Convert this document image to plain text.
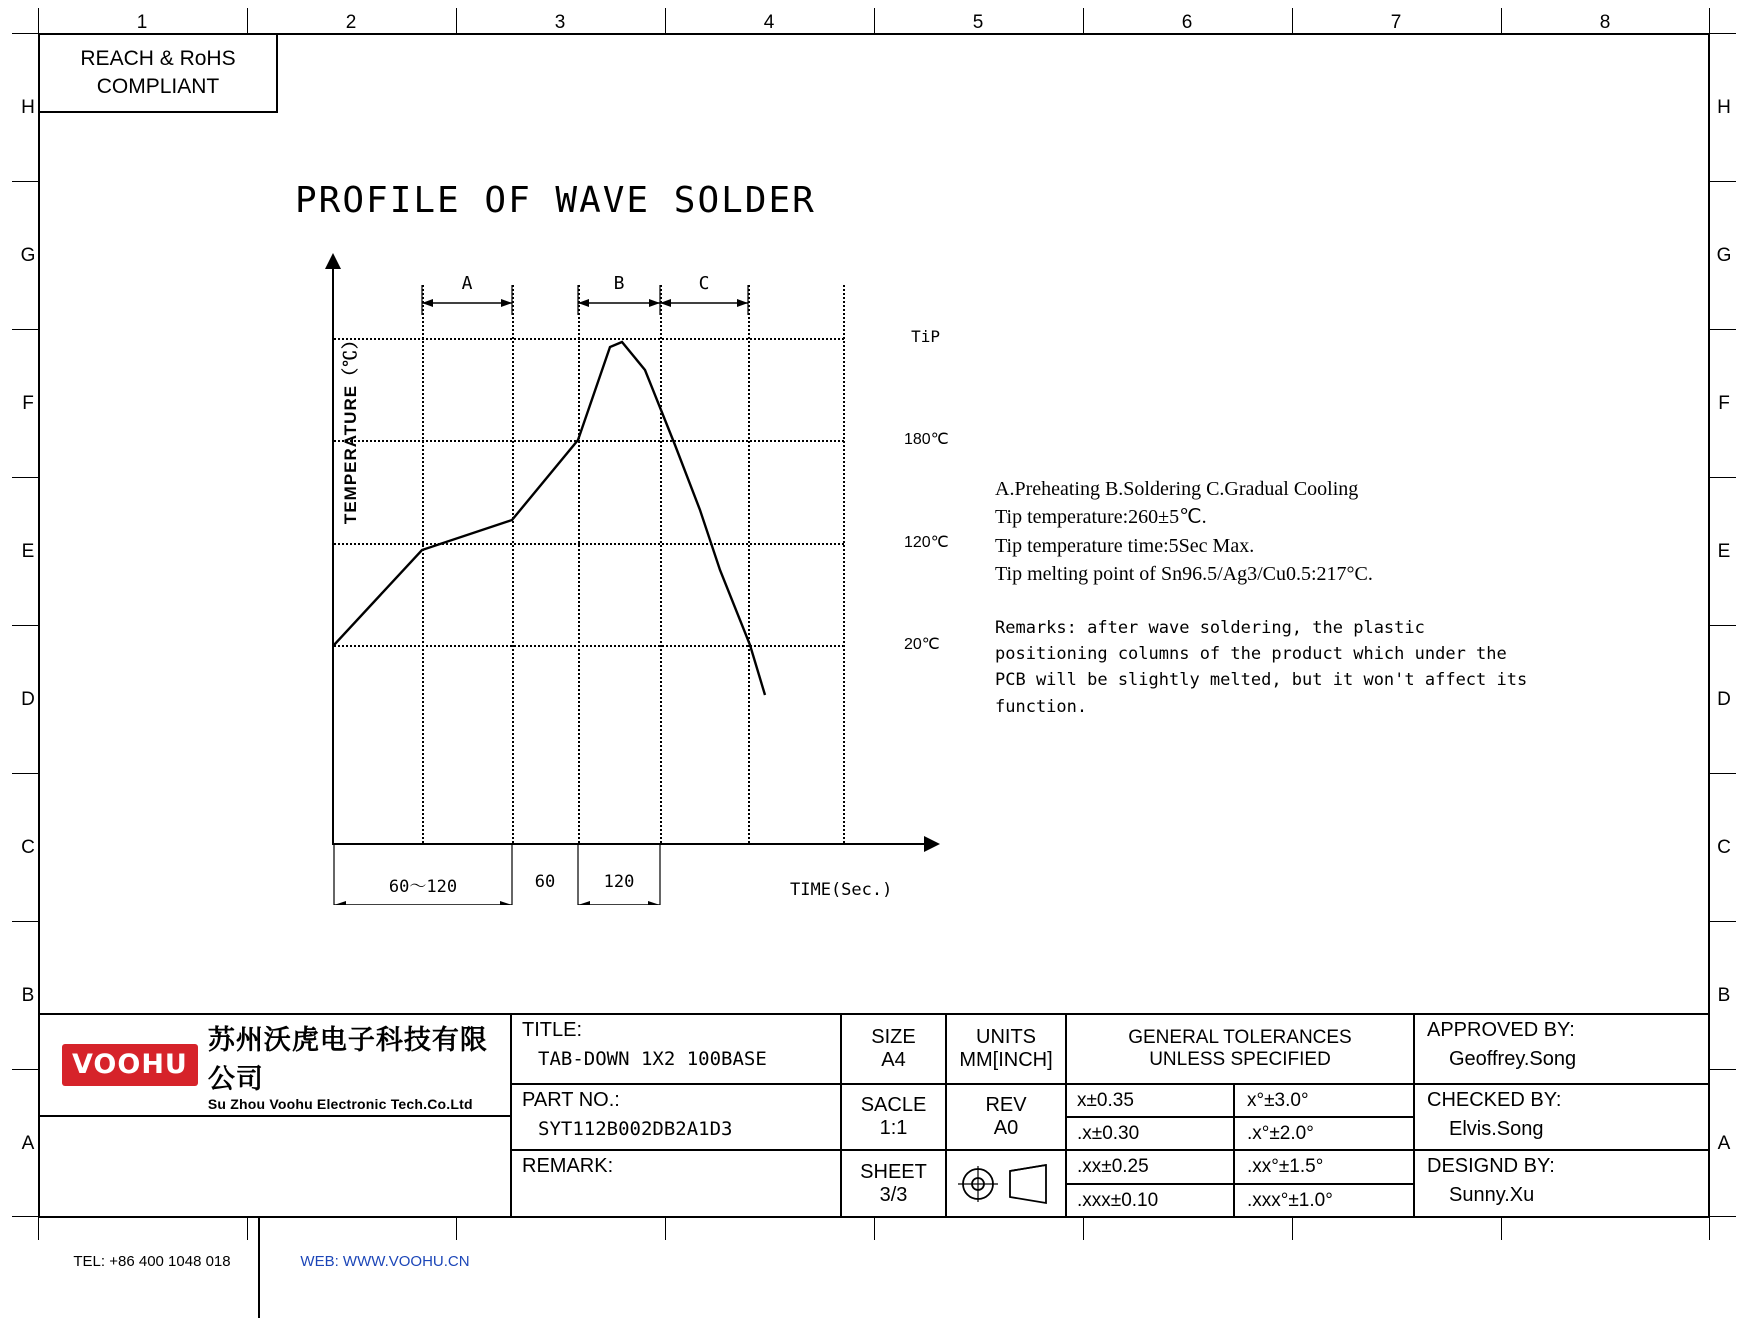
1	2	3	4	5	6	7	8
H
G
F
E
D
C
B
A
H
G
F
E
D
C
B
A
REACH & RoHS
COMPLIANT
PROFILE OF WAVE SOLDER
TEMPERATURE（℃）	TiP
180℃
120℃
20℃
A	B	C
60～120	60	120	TIME(Sec.)
A.Preheating B.Soldering C.Gradual Cooling
Tip temperature:260±5℃.
Tip temperature time:5Sec Max.
Tip melting point of Sn96.5/Ag3/Cu0.5:217°C.
Remarks: after wave soldering, the plastic
positioning columns of the product which under the
PCB will be slightly melted, but it won't affect its
function.
VOOHU
苏州沃虎电子科技有限公司
Su Zhou Voohu Electronic Tech.Co.Ltd
TEL: +86 400 1048 018	WEB: WWW.VOOHU.CN
TITLE:
TAB-DOWN 1X2 100BASE
PART NO.:
SYT112B002DB2A1D3
REMARK:
SIZE
A4
SACLE
1:1
SHEET
3/3
UNITS
MM[INCH]
REV
A0
GENERAL TOLERANCES
UNLESS SPECIFIED
x±0.35	x°±3.0°
.x±0.30	.x°±2.0°
.xx±0.25	.xx°±1.5°
.xxx±0.10	.xxx°±1.0°
APPROVED BY:
Geoffrey.Song
CHECKED BY:
Elvis.Song
DESIGND BY:
Sunny.Xu
